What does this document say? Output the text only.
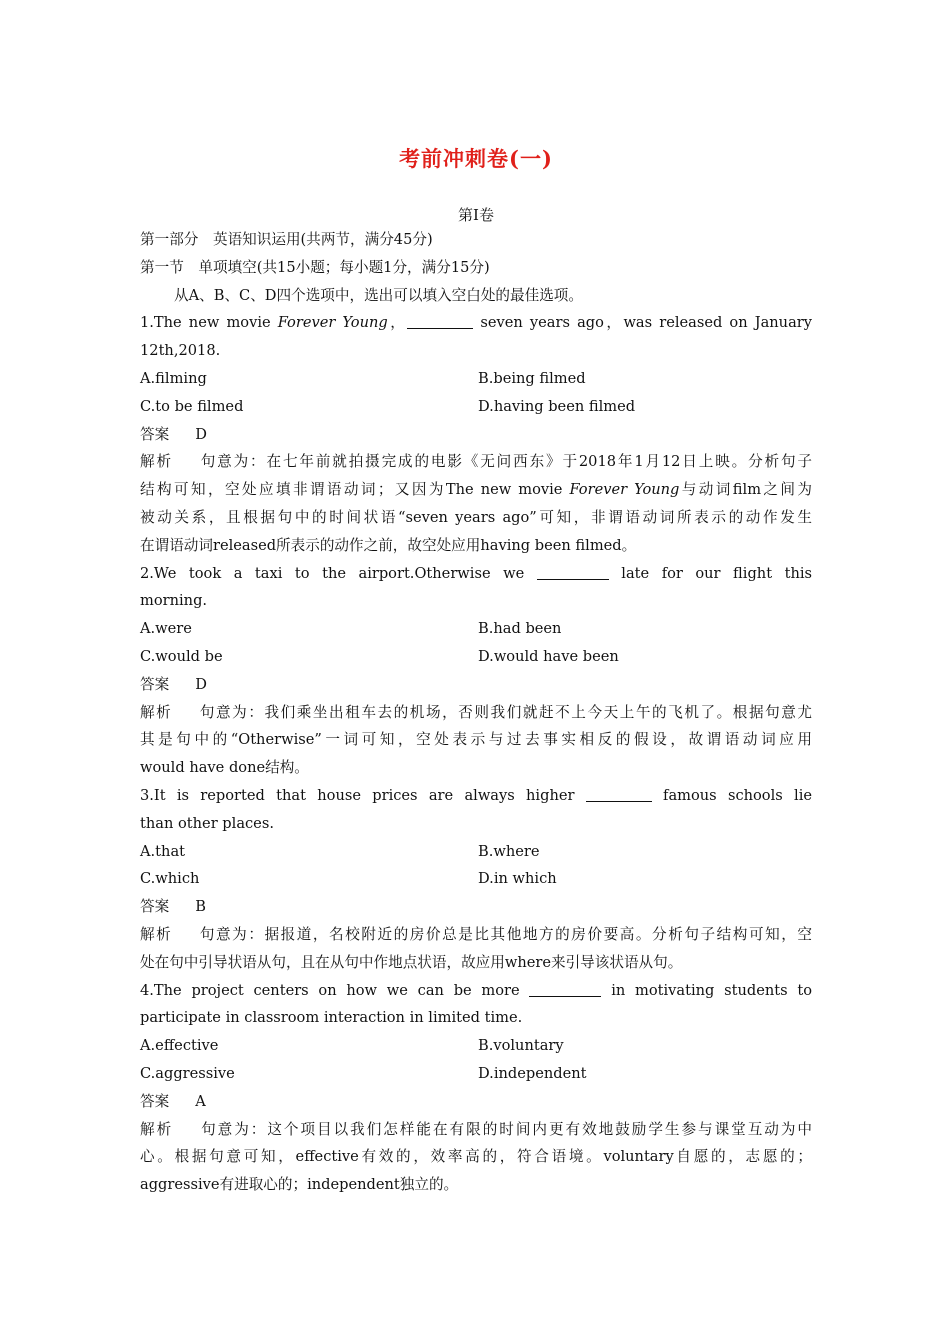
考前冲刺卷(一)
第Ⅰ卷
第一部分　英语知识运用(共两节，满分45分)
第一节　单项填空(共15小题；每小题1分，满分15分)
从A、B、C、D四个选项中，选出可以填入空白处的最佳选项。
1.The new movie Forever Young，	seven years ago，was released on January
12th,2018.
A.filming	B.being filmed
C.to be filmed	D.having been filmed
答案 D
解析 句意为：在七年前就拍摄完成的电影《无问西东》于2018年1月12日上映。分析句子
结构可知，空处应填非谓语动词；又因为The new movie Forever Young与动词film之间为
被动关系，且根据句中的时间状语“seven years ago”可知，非谓语动词所表示的动作发生
在谓语动词released所表示的动作之前，故空处应用having been filmed。
2.We took a taxi to the airport.Otherwise we	late for our flight this
morning.
A.were	B.had been
C.would be	D.would have been
答案 D
解析 句意为：我们乘坐出租车去的机场，否则我们就赶不上今天上午的飞机了。根据句意尤
其是句中的“Otherwise”一词可知，空处表示与过去事实相反的假设，故谓语动词应用
would have done结构。
3.It is reported that house prices are always higher	famous schools lie
than other places.
A.that	B.where
C.which	D.in which
答案 B
解析 句意为：据报道，名校附近的房价总是比其他地方的房价要高。分析句子结构可知，空
处在句中引导状语从句，且在从句中作地点状语，故应用where来引导该状语从句。
4.The project centers on how we can be more	in motivating students to
participate in classroom interaction in limited time.
A.effective	B.voluntary
C.aggressive	D.independent
答案 A
解析 句意为：这个项目以我们怎样能在有限的时间内更有效地鼓励学生参与课堂互动为中
心。根据句意可知，effective有效的，效率高的，符合语境。voluntary自愿的，志愿的；
aggressive有进取心的；independent独立的。
